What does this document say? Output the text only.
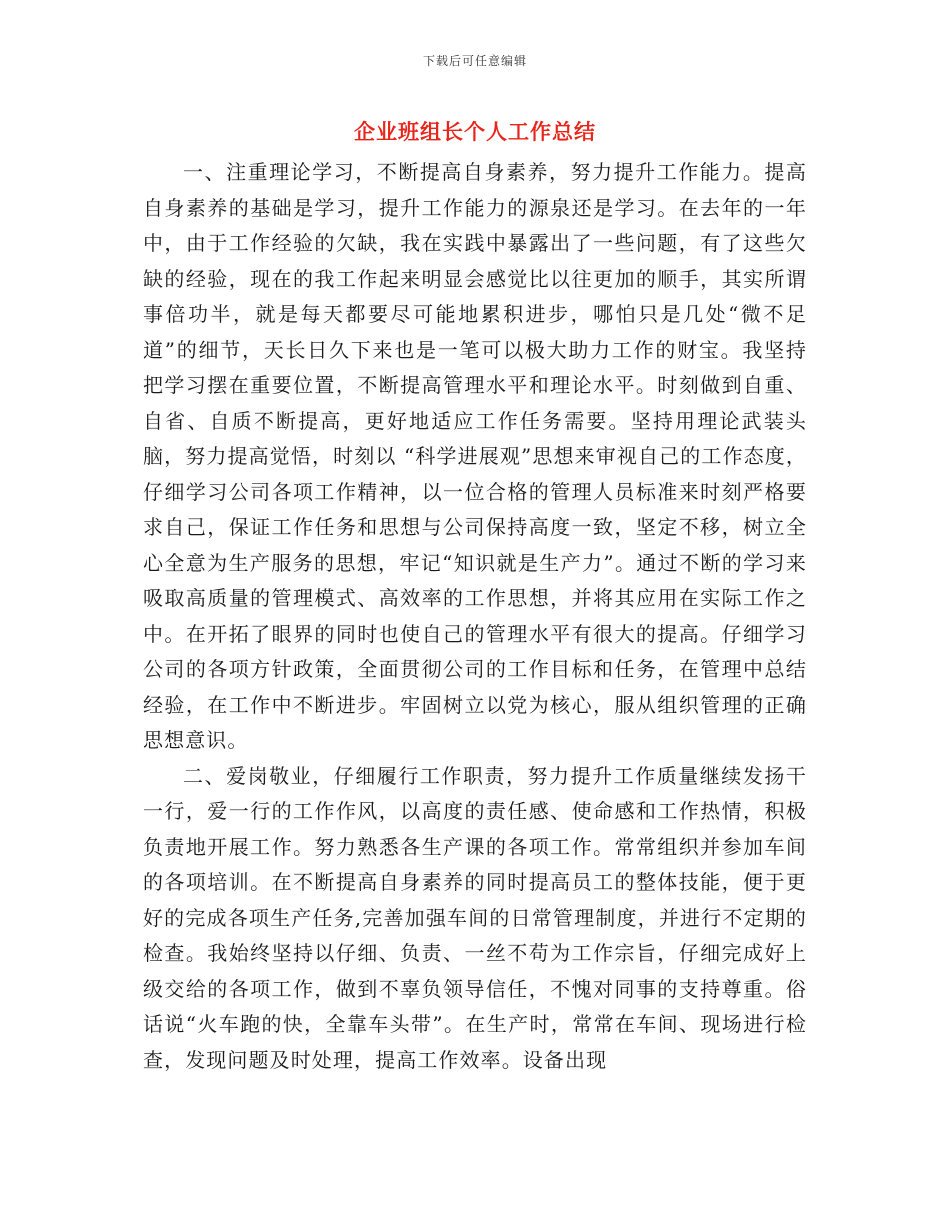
下载后可任意编辑
企业班组长个人工作总结

一、注重理论学习，不断提高自身素养，努力提升工作能力。提高自身素养的基础是学习，提升工作能力的源泉还是学习。在去年的一年中，由于工作经验的欠缺，我在实践中暴露出了一些问题，有了这些欠缺的经验，现在的我工作起来明显会感觉比以往更加的顺手，其实所谓事倍功半，就是每天都要尽可能地累积进步，哪怕只是几处“微不足道”的细节，天长日久下来也是一笔可以极大助力工作的财宝。我坚持把学习摆在重要位置，不断提高管理水平和理论水平。时刻做到自重、自省、自质不断提高，更好地适应工作任务需要。坚持用理论武装头脑，努力提高觉悟，时刻以 “科学进展观”思想来审视自己的工作态度，仔细学习公司各项工作精神，以一位合格的管理人员标准来时刻严格要求自己，保证工作任务和思想与公司保持高度一致，坚定不移，树立全心全意为生产服务的思想，牢记“知识就是生产力”。通过不断的学习来吸取高质量的管理模式、高效率的工作思想，并将其应用在实际工作之中。在开拓了眼界的同时也使自己的管理水平有很大的提高。仔细学习公司的各项方针政策，全面贯彻公司的工作目标和任务，在管理中总结经验，在工作中不断进步。牢固树立以党为核心，服从组织管理的正确思想意识。

二、爱岗敬业，仔细履行工作职责，努力提升工作质量继续发扬干一行，爱一行的工作作风，以高度的责任感、使命感和工作热情，积极负责地开展工作。努力熟悉各生产课的各项工作。常常组织并参加车间的各项培训。在不断提高自身素养的同时提高员工的整体技能，便于更好的完成各项生产任务,完善加强车间的日常管理制度，并进行不定期的检查。我始终坚持以仔细、负责、一丝不苟为工作宗旨，仔细完成好上级交给的各项工作，做到不辜负领导信任，不愧对同事的支持尊重。俗话说“火车跑的快，全靠车头带”。在生产时，常常在车间、现场进行检查，发现问题及时处理，提高工作效率。设备出现
